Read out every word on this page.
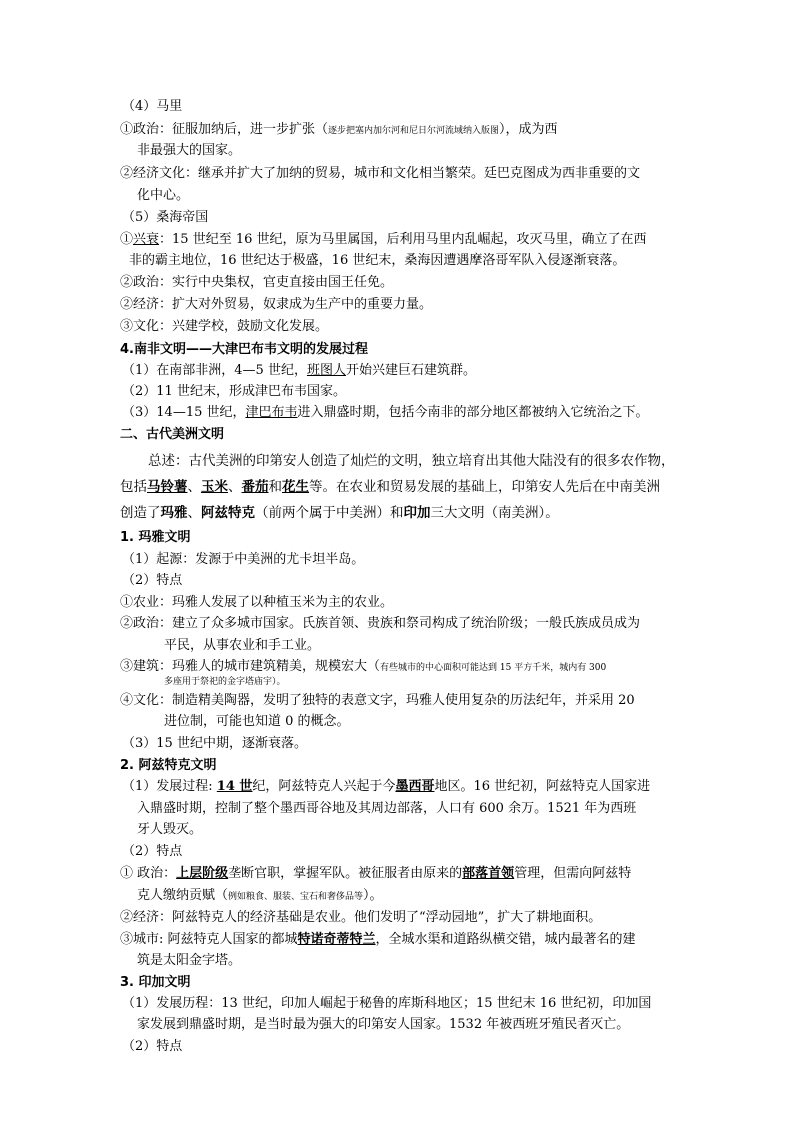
（4）马里
①政治：征服加纳后，进一步扩张（逐步把塞内加尔河和尼日尔河流域纳入版图），成为西
非最强大的国家。
②经济文化：继承并扩大了加纳的贸易，城市和文化相当繁荣。廷巴克图成为西非重要的文
化中心。
（5）桑海帝国
①兴衰：15 世纪至 16 世纪，原为马里属国，后利用马里内乱崛起，攻灭马里，确立了在西
非的霸主地位，16 世纪达于极盛，16 世纪末，桑海因遭遇摩洛哥军队入侵逐渐衰落。
②政治：实行中央集权，官吏直接由国王任免。
②经济：扩大对外贸易，奴隶成为生产中的重要力量。
③文化：兴建学校，鼓励文化发展。
4.南非文明——大津巴布韦文明的发展过程
（1）在南部非洲，4—5 世纪，班图人开始兴建巨石建筑群。
（2）11 世纪末，形成津巴布韦国家。
（3）14—15 世纪，津巴布韦进入鼎盛时期，包括今南非的部分地区都被纳入它统治之下。
二、古代美洲文明
总述：古代美洲的印第安人创造了灿烂的文明，独立培育出其他大陆没有的很多农作物，
包括马铃薯、玉米、番茄和花生等。在农业和贸易发展的基础上，印第安人先后在中南美洲
创造了玛雅、阿兹特克（前两个属于中美洲）和印加三大文明（南美洲）。
1. 玛雅文明
（1）起源：发源于中美洲的尤卡坦半岛。
（2）特点
①农业：玛雅人发展了以种植玉米为主的农业。
②政治：建立了众多城市国家。氏族首领、贵族和祭司构成了统治阶级；一般氏族成员成为
平民，从事农业和手工业。
③建筑：玛雅人的城市建筑精美，规模宏大（有些城市的中心面积可能达到 15 平方千米，城内有 300
多座用于祭祀的金字塔庙宇）。
④文化：制造精美陶器，发明了独特的表意文字，玛雅人使用复杂的历法纪年，并采用 20
进位制，可能也知道 0 的概念。
（3）15 世纪中期，逐渐衰落。
2. 阿兹特克文明
（1）发展过程: 14 世纪，阿兹特克人兴起于今墨西哥地区。16 世纪初，阿兹特克人国家进
入鼎盛时期，控制了整个墨西哥谷地及其周边部落，人口有 600 余万。1521 年为西班
牙人毁灭。
（2）特点
① 政治：上层阶级垄断官职，掌握军队。被征服者由原来的部落首领管理，但需向阿兹特
克人缴纳贡赋（例如粮食、服装、宝石和奢侈品等）。
②经济：阿兹特克人的经济基础是农业。他们发明了“浮动园地”，扩大了耕地面积。
③城市: 阿兹特克人国家的都城特诺奇蒂特兰，全城水渠和道路纵横交错，城内最著名的建
筑是太阳金字塔。
3. 印加文明
（1）发展历程：13 世纪，印加人崛起于秘鲁的库斯科地区；15 世纪末 16 世纪初，印加国
家发展到鼎盛时期，是当时最为强大的印第安人国家。1532 年被西班牙殖民者灭亡。
（2）特点
